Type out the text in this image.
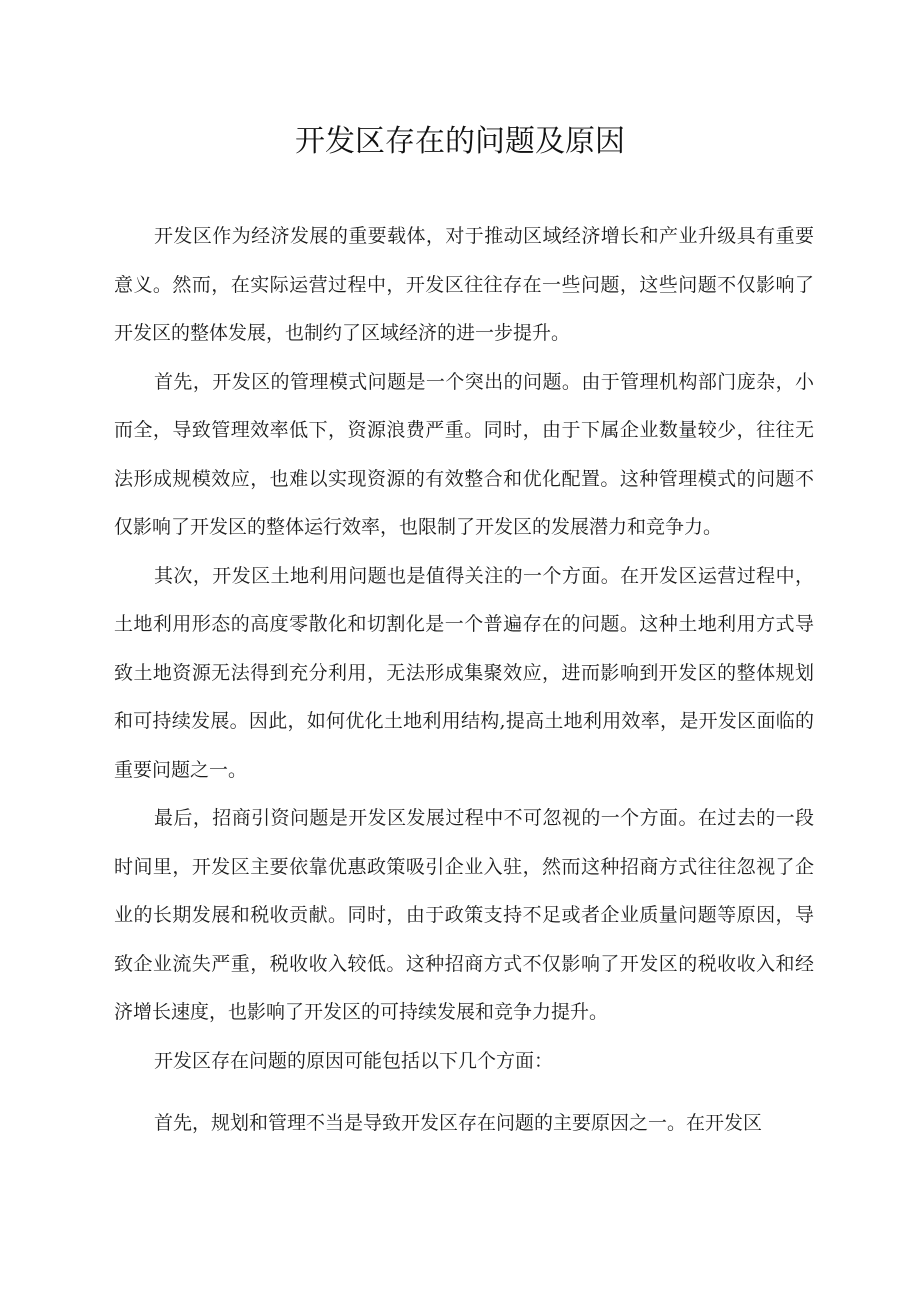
开发区存在的问题及原因

开发区作为经济发展的重要载体，对于推动区域经济增长和产业升级具有重要意义。然而，在实际运营过程中，开发区往往存在一些问题，这些问题不仅影响了开发区的整体发展，也制约了区域经济的进一步提升。

首先，开发区的管理模式问题是一个突出的问题。由于管理机构部门庞杂，小而全，导致管理效率低下，资源浪费严重。同时，由于下属企业数量较少，往往无法形成规模效应，也难以实现资源的有效整合和优化配置。这种管理模式的问题不仅影响了开发区的整体运行效率，也限制了开发区的发展潜力和竞争力。

其次，开发区土地利用问题也是值得关注的一个方面。在开发区运营过程中，土地利用形态的高度零散化和切割化是一个普遍存在的问题。这种土地利用方式导致土地资源无法得到充分利用，无法形成集聚效应，进而影响到开发区的整体规划和可持续发展。因此，如何优化土地利用结构,提高土地利用效率，是开发区面临的重要问题之一。

最后，招商引资问题是开发区发展过程中不可忽视的一个方面。在过去的一段时间里，开发区主要依靠优惠政策吸引企业入驻，然而这种招商方式往往忽视了企业的长期发展和税收贡献。同时，由于政策支持不足或者企业质量问题等原因，导致企业流失严重，税收收入较低。这种招商方式不仅影响了开发区的税收收入和经济增长速度，也影响了开发区的可持续发展和竞争力提升。

开发区存在问题的原因可能包括以下几个方面：

首先，规划和管理不当是导致开发区存在问题的主要原因之一。在开发区
